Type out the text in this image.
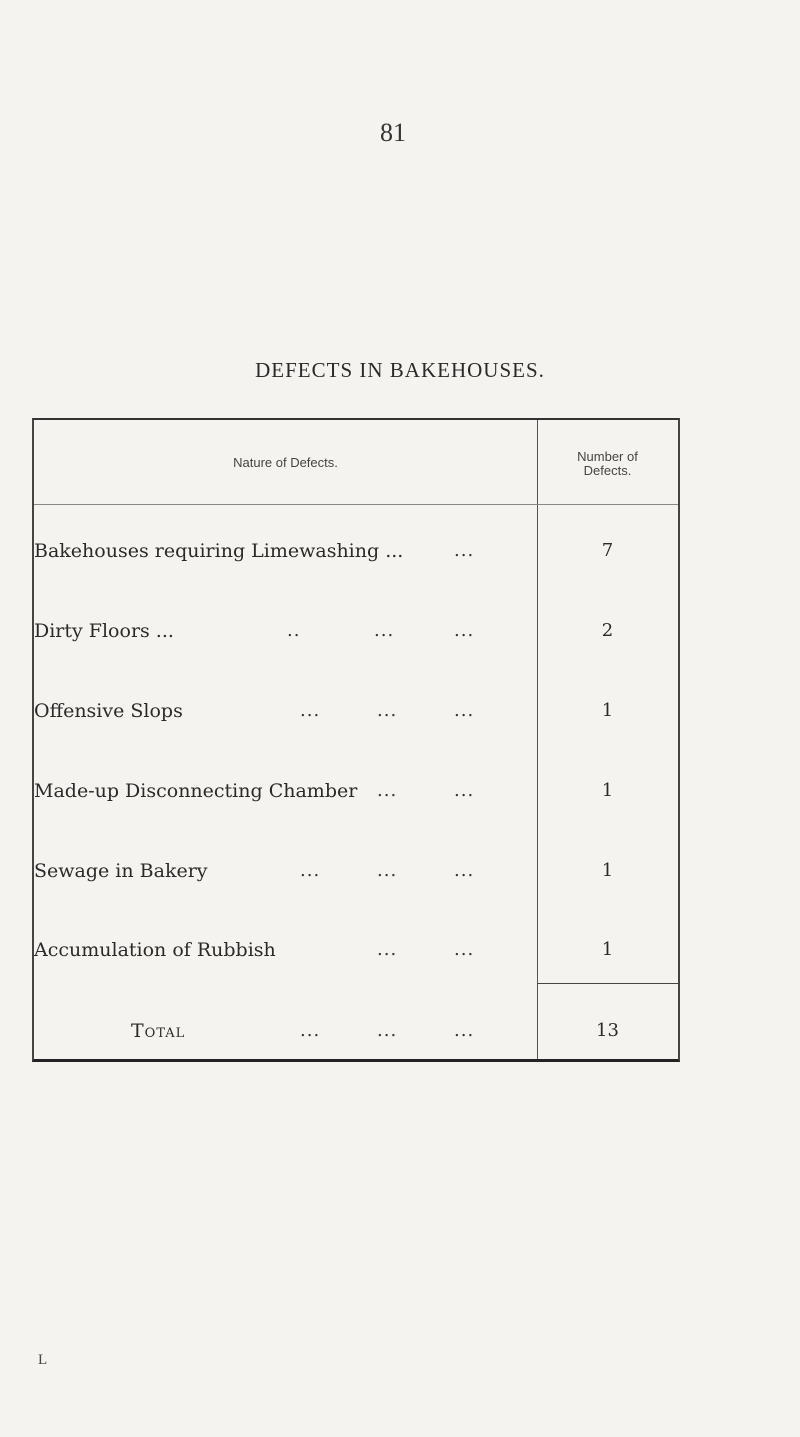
81
DEFECTS IN BAKEHOUSES.
Nature of Defects.	Number of
Defects.
Bakehouses requiring Limewashing ...	...	7
Dirty Floors ...	..	...	...	2
Offensive Slops	...	...	...	1
Made-up Disconnecting Chamber ...	...	1
Sewage in Bakery	...	...	...	1
Accumulation of Rubbish	...	...	1
Total	...	...	...	13
L
